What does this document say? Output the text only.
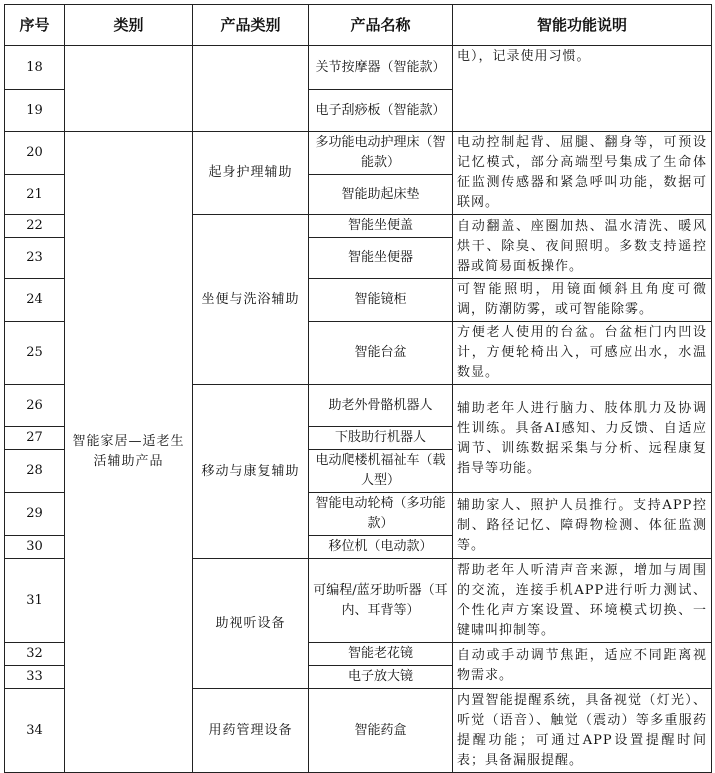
序号	类别	产品类别	产品名称	智能功能说明
18			关节按摩器（智能款）	电），记录使用习惯。
19			电子刮痧板（智能款）	
20	智能家居—适老生活辅助产品	起身护理辅助	多功能电动护理床（智能款）	电动控制起背、屈腿、翻身等，可预设记忆模式，部分高端型号集成了生命体征监测传感器和紧急呼叫功能，数据可联网。
21			智能助起床垫	
22		坐便与洗浴辅助	智能坐便盖	自动翻盖、座圈加热、温水清洗、暖风烘干、除臭、夜间照明。多数支持遥控器或简易面板操作。
23			智能坐便器	
24			智能镜柜	可智能照明，用镜面倾斜且角度可微调，防潮防雾，或可智能除雾。
25			智能台盆	方便老人使用的台盆。台盆柜门内凹设计，方便轮椅出入，可感应出水，水温数显。
26		移动与康复辅助	助老外骨骼机器人	辅助老年人进行脑力、肢体肌力及协调性训练。具备AI感知、力反馈、自适应调节、训练数据采集与分析、远程康复指导等功能。
27			下肢助行机器人	
28			电动爬楼机福祉车（载人型）	
29			智能电动轮椅（多功能款）	辅助家人、照护人员推行。支持APP控制、路径记忆、障碍物检测、体征监测等。
30			移位机（电动款）	
31		助视听设备	可编程/蓝牙助听器（耳内、耳背等）	帮助老年人听清声音来源，增加与周围的交流，连接手机APP进行听力测试、个性化声方案设置、环境模式切换、一键啸叫抑制等。
32			智能老花镜	自动或手动调节焦距，适应不同距离视物需求。
33			电子放大镜	
34		用药管理设备	智能药盒	内置智能提醒系统，具备视觉（灯光）、听觉（语音）、触觉（震动）等多重服药提醒功能；可通过APP设置提醒时间表；具备漏服提醒。
